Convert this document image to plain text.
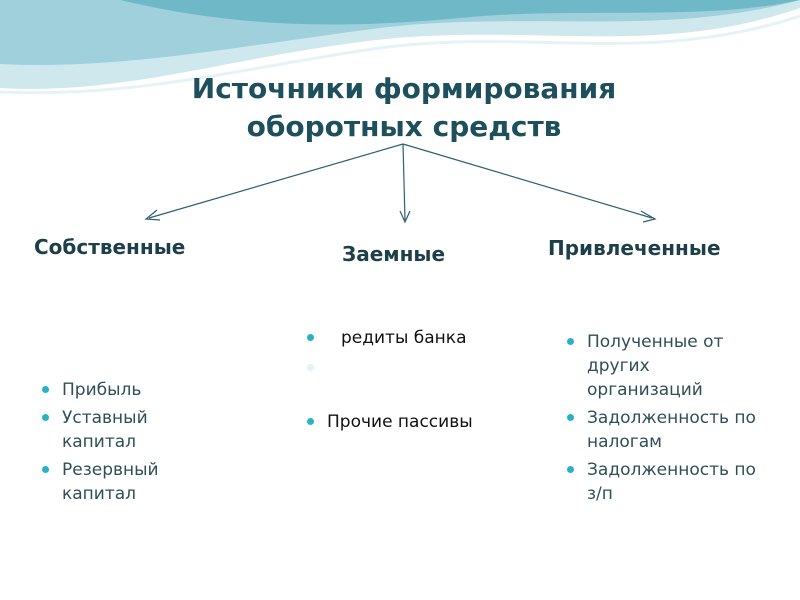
Источники формирования
оборотных средств
Собственные	Заемные	Привлеченные
Прибыль
Уставный капитал
Резервный капитал
редиты банка

Прочие пассивы
Полученные от других организаций
Задолженность по налогам
Задолженность по з/п
